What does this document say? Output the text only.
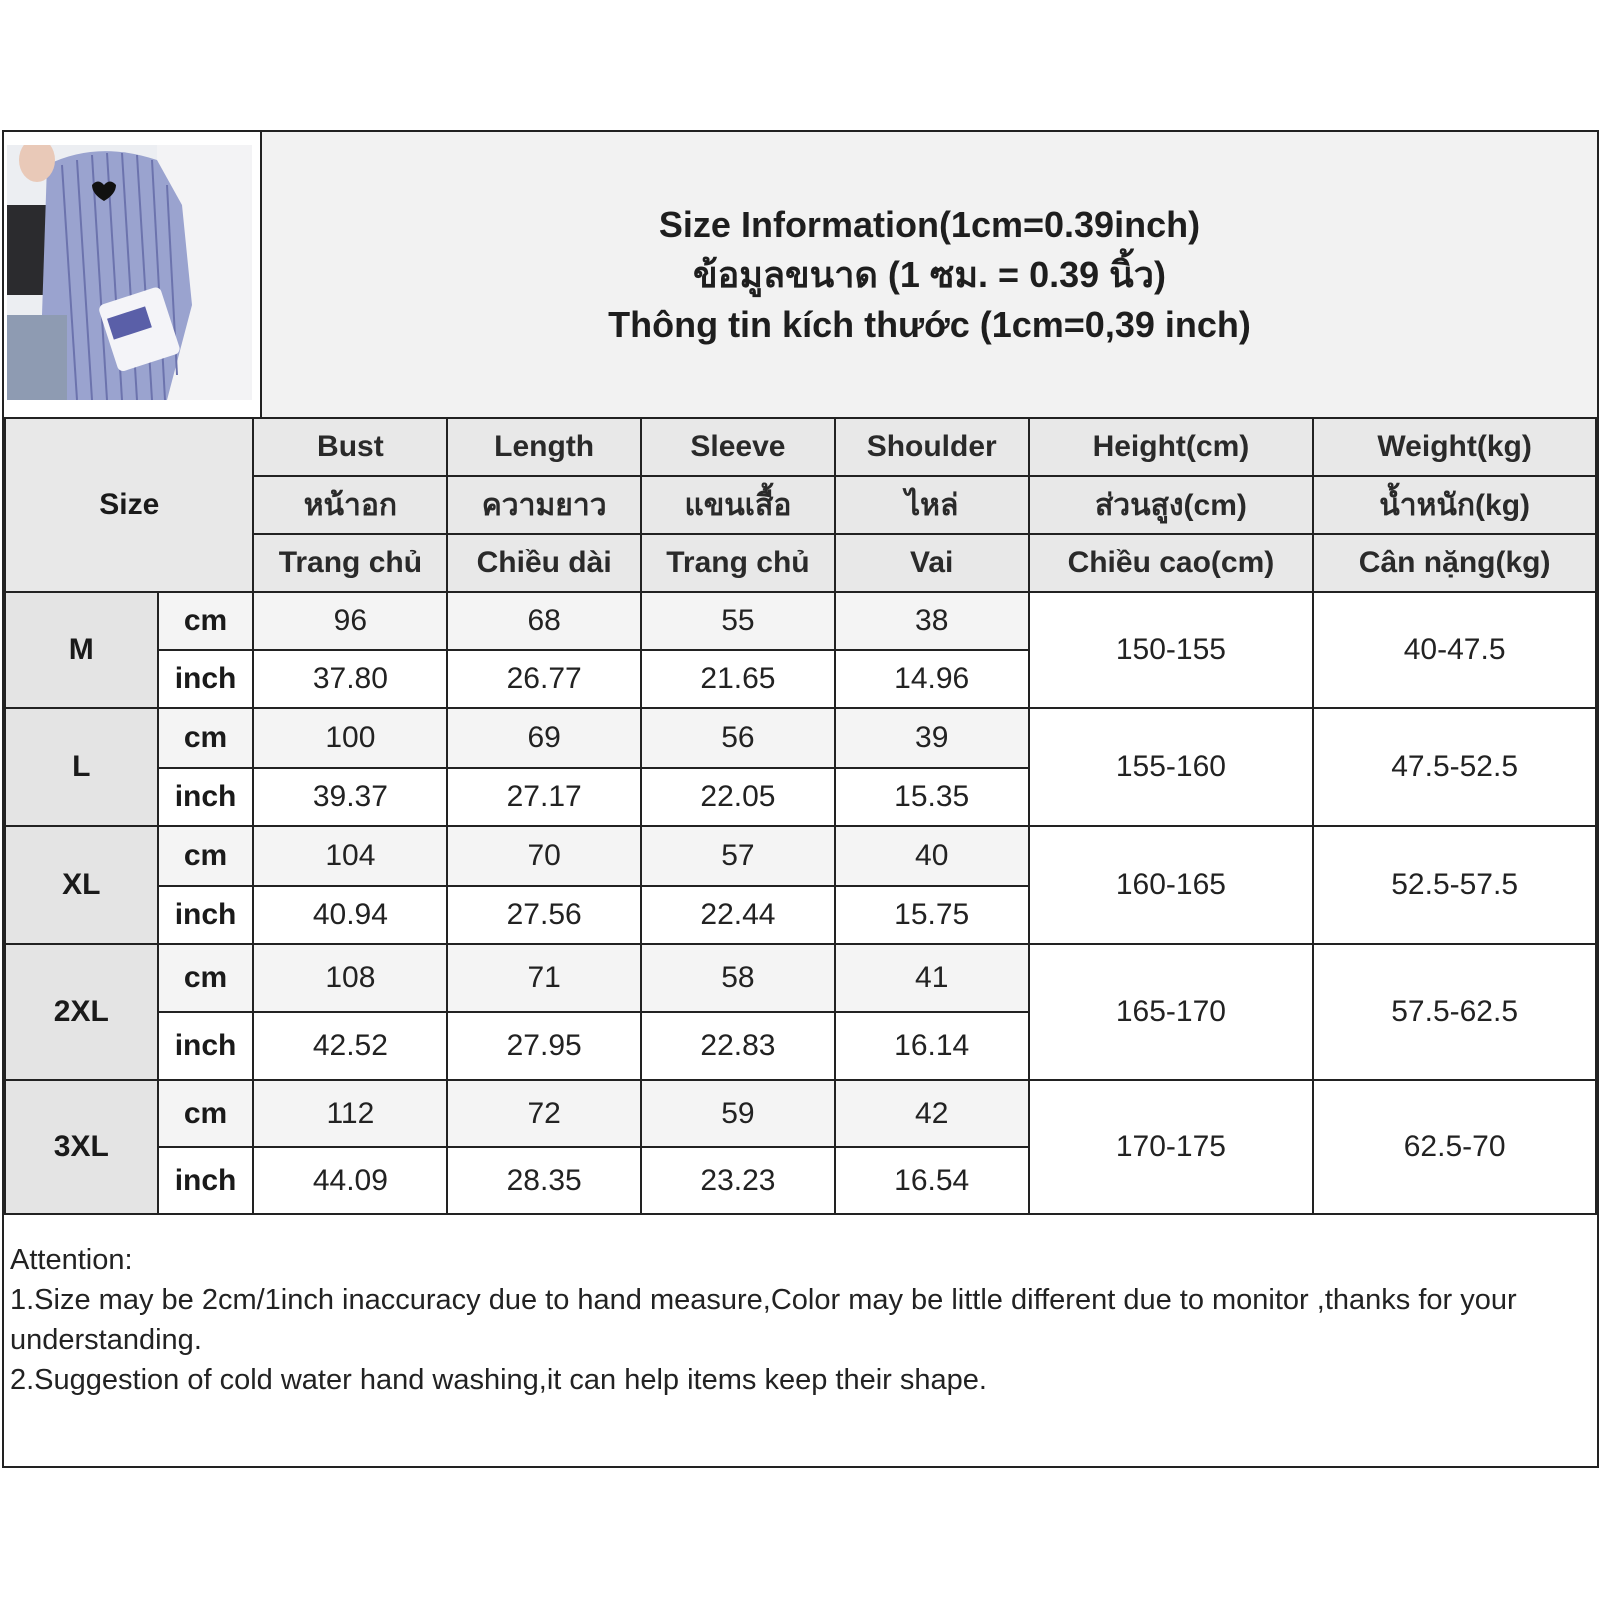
Size Information(1cm=0.39inch)
ข้อมูลขนาด (1 ซม. = 0.39 นิ้ว)
Thông tin kích thước (1cm=0,39 inch)
Size		Bust	Length	Sleeve	Shoulder	Height(cm)	Weight(kg)
		หน้าอก	ความยาว	แขนเสื้อ	ไหล่	ส่วนสูง(cm)	น้ำหนัก(kg)
		Trang chủ	Chiều dài	Trang chủ	Vai	Chiều cao(cm)	Cân nặng(kg)
M	cm	96	68	55	38	150-155	40-47.5
	inch	37.80	26.77	21.65	14.96		
L	cm	100	69	56	39	155-160	47.5-52.5
	inch	39.37	27.17	22.05	15.35		
XL	cm	104	70	57	40	160-165	52.5-57.5
	inch	40.94	27.56	22.44	15.75		
2XL	cm	108	71	58	41	165-170	57.5-62.5
	inch	42.52	27.95	22.83	16.14		
3XL	cm	112	72	59	42	170-175	62.5-70
	inch	44.09	28.35	23.23	16.54		

Attention:

1.Size may be 2cm/1inch inaccuracy due to hand measure,Color may be little different due to monitor ,thanks for your understanding.

2.Suggestion of cold water hand washing,it can help items keep their shape.
